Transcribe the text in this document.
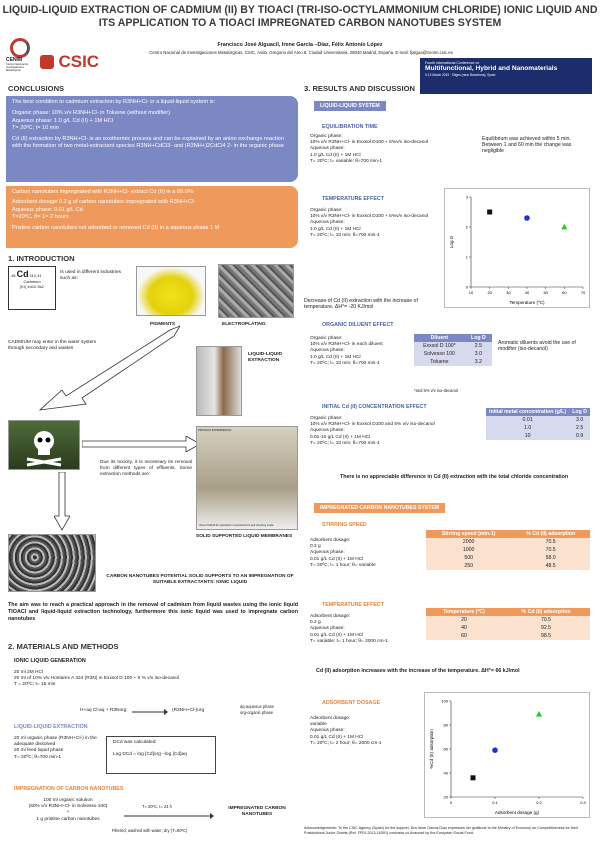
LIQUID-LIQUID EXTRACTION OF CADMIUM (II) BY TIOACl (TRI-ISO-OCTYLAMMONIUM CHLORIDE) IONIC LIQUID AND ITS APPLICATION TO A TIOACl IMPREGNATED CARBON NANOTUBES SYSTEM
Francisco José Alguacil, Irene Garcia –Díaz, Félix Antonio López
Centro Nacional de Investigaciones Metalúrgicas, CSIC, Avda. Gregorio del Amo 8, Ciudad Universitaria, 28040 Madrid, España. E-mail: fjalgua@cenim.csic.es
CENIM
Centro Nacional de Investigaciones Metalúrgicas	CSIC	Fourth International Conference on
Multifunctional, Hybrid and Nanomaterials
9-13 March 2015 · Sitges (near Barcelona), Spain
CONCLUSIONS
The best condition to cadmium extraction by R3NH+Cl- in a liquid-liquid system is:
Organic phase: 10% v/v R3NH+Cl- in Toluene (without modifier)
Aqueous phase: 1.0 g/L Cd (II) + 1M HCl
T= 20ºC; t= 10 min
Cd (II) extraction by R3NH+Cl- is an exothermic process and can be explained by an anion exchange reaction with the formation of two metal-extractant species R3NH+CdCl3- and (R3NH+)2CdCl4 2- in the organic phase
Carbon nanotubes impregnated with R3NH+Cl- extract Cd (II) in a 89.0%:
Adsorbent dosage 0.2 g of carbon nanotubes impregnated with R3NH+Cl-
Aqueous phase: 0.01 g/L Cd
T=20ºC, θ= 1= 2 hours
Pristine carbon nanotubes not adsorbed or removed Cd (II) in a aqueous phase 1 M
1. INTRODUCTION
48 Cd 112,41
Cadmium
[Kr] 4d10 5s2
Is used in different industries such as:
PIGMENTS	ELECTROPLATING
CADMIUM may enter in the water system through secondary and wastes
Due its toxicity, it is necessary its removal from different types of effluents. Some extraction methods are:
LIQUID-LIQUID EXTRACTION
PROCESO EXPERIMENTAL
View of SSLM for operated in countercurrent and recycling mode.
SOLID SUPPORTED LIQUID MEMBRANES
CARBON NANOTUBES POTENTIAL SOLID SUPPORTS TO AN IMPREGNATION OF SUITABLE EXTRACTANTS: IONIC LIQUID
The aim was to reach a practical approach in the removal of cadmium from liquid wastes using the ionic liquid TIOACl and liquid-liquid extraction technology, furthermore this ionic liquid was used to impregnate carbon nanotubes
2. MATERIALS AND METHODS
IONIC LIQUID GENERATION
20 ml 2M HCl
20 ml of 10% v/v Hostarex A 324 (R3N) in Exxsol D 100 + 5 % v/v iso-decanol
T = 20ºC; t= 15 min
H+aq Cl-aq + R3Norg	(R3NH+Cl-)org
aq-aqueous phase
org-organic phase
LIQUID-LIQUID EXTRACTION
20 ml organic phase (R3NH+Cl-) in the adequate dissolved
20 ml feed liquid phase
T= 20ºC; θ=700 min-1
DCd was calculated:
Log DCd = log [Cd]org –log [Cd]aq
IMPREGNATION OF CARBON NANOTUBES
100 ml organic solution
(50% v/v R3NH+Cl- in Solvesso 100)
+
1 g pristine carbon nanotubes
T= 20ºC, t= 24 h	IMPREGNATED CARBON NANOTUBES
Filtered; washed with water; dry (T=80ºC)
3. RESULTS AND DISCUSSION
LIQUID-LIQUID SYSTEM
EQUILIBRATION TIME
Organic phase:
10% v/v R3NH+Cl- in Exxsol D100 + 5%v/v iso-decanol
Aqueous phase:
1.0 g/L Cd (II) + 1M HCl
T= 20ºC; t= variable; θ=700 min-1
Equilibrium was achieved within 5 min. Between 1 and 60 min the change was negligible
TEMPERATURE EFFECT
Organic phase:
10% v/v R3NH+Cl- in Exxsol D100 + 5%v/v iso-decanol
Aqueous phase:
1.0 g/L Cd (II) + 1M HCl
T= 20ºC; t= 10 min; θ=700 min-1
10	20	30	40	50	60	70
0
1
2
3
Temperature (ºC)
Log D
Decrease of Cd (II) extraction with the increase of temperature. ΔH°= -20 KJ/mol
ORGANIC DILUENT EFFECT
Organic phase:
10% v/v R3NH+Cl- in each diluent
Aqueous phase:
1.0 g/L Cd (II) + 1M HCl
T= 20ºC; t= 10 min; θ=700 min-1
Diluent	Log D
Exxsol D 100*	2.5
Solvesso 100	3.0
Toluene	3.2
*and 5% v/v iso-decanol
Aromatic diluents avoid the use of modifier (iso-decanol)
INITIAL Cd (II) CONCENTRATION EFFECT
Organic phase:
10% v/v R3NH+Cl- in Exxsol D100 and 5% v/v iso-decanol
Aqueous phase:
0.01-10 g/L Cd (II) + 1M HCl
T= 20ºC; t= 10 min; θ=700 min-1
Initial metal concentration (g/L)	Log D
0.01	3.0
1.0	2.5
10	0.9
There is no appreciable difference in Cd (II) extraction with the total chloride concentration
IMPREGNATED CARBON NANOTUBES SYSTEM
STIRRING SPEED
Adsorbent dosage:
0.2 g
Aqueous phase:
0.01 g/L Cd (II) + 1M HCl
T= 20ºC; t= 1 hour; θ= variable
Stirring speed (min-1)	% Cd (II) adsorption
2000	70.5
1000	70.5
500	58.0
250	48.5
TEMPERATURE EFFECT
Adsorbent dosage:
0.2 g.
Aqueous phase:
0.01 g/L Cd (II) + 1M HCl
T= variable: t= 1 hour; θ= 2000 cm-1
Temperature (ºC)	% Cd (II) adsorption
20	70.5
40	92.5
60	98.5
Cd (II) adsorption increases with the increase of the temperature. ΔH°= 66 kJ/mol
ADSORBENT DOSAGE
Adsorbent dosage:
variable
Aqueous phase:
0.01 g/L Cd (II) + 1M HCl
T= 20ºC; t= 2 hour; θ= 2000 cm-1
0	0.1	0.2	0.3
20
40
60
80
100
Adsorbent dosage (g)
%Cd (II) adsorption
Acknowledgements: To the CSIC Agency (Spain) for the support. Dra Irene García-Díaz expresses her gratitude to the Ministry of Economy an Competitiveness for their Postdoctoral Junior Grants (Ref. FPDI-2013-16391) contracts co-financed by the European Social Fund.
